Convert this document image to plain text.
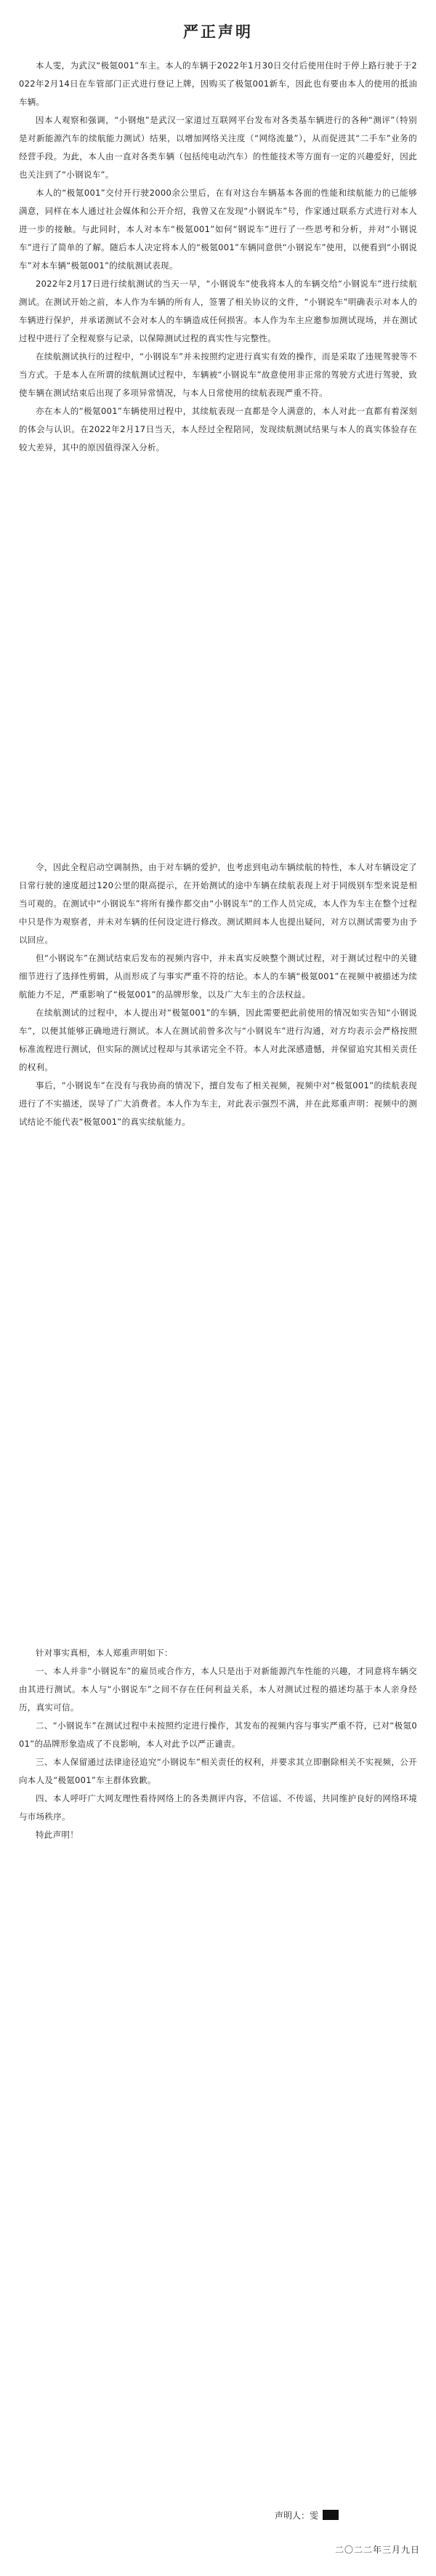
严正声明

本人雯，为武汉“极氪001”车主。本人的车辆于2022年1月30日交付后使用住时于停上路行驶于于2022年2月14日在车管部门正式进行登记上牌，因购买了极氪001新车，因此也有要由本人的使用的抵油车辆。

因本人观察和强调，“小钢炮”是武汉一家道过互联网平台发布对各类基车辆进行的各种“测评”（特别是对新能源汽车的续航能力测试）结果，以增加网络关注度（“网络流量”），从而促进其“二手车”业务的经营手段。为此，本人由一直对各类车辆（包括纯电动汽车）的性能技术等方面有一定的兴趣爱好，因此也关注到了“小钢说车”。

本人的“极氪001”交付开行驶2000余公里后，在有对这台车辆基本各面的性能和续航能力的已能够满意，同样在本人通过社会媒体和公开介绍，我曾又在发现“小钢说车”号，作家通过联系方式进行对本人进一步的接触。与此同时，本人对本车“极氪001”如何“钢说车”进行了一些思考和分析，并对“小钢说车”进行了简单的了解。随后本人决定将本人的“极氪001”车辆同意供“小钢说车”使用，以便看到“小钢说车”对本车辆“极氪001”的续航测试表现。

2022年2月17日进行续航测试的当天一早，“小钢说车”使我将本人的车辆交给“小钢说车”进行续航测试。在测试开始之前，本人作为车辆的所有人，签署了相关协议的文件，“小钢说车”明确表示对本人的车辆进行保护，并承诺测试不会对本人的车辆造成任何损害。本人作为车主应邀参加测试现场，并在测试过程中进行了全程观察与记录，以保障测试过程的真实性与完整性。

在续航测试执行的过程中，“小钢说车”并未按照约定进行真实有效的操作，而是采取了违规驾驶等不当方式。于是本人在所谓的续航测试过程中，车辆被“小钢说车”故意使用非正常的驾驶方式进行驾驶，致使车辆在测试结束后出现了多项异常情况，与本人日常使用的续航表现严重不符。

亦在本人的“极氪001”车辆使用过程中，其续航表现一直都是令人满意的，本人对此一直都有着深刻的体会与认识。在2022年2月17日当天，本人经过全程陪同，发现续航测试结果与本人的真实体验存在较大差异，其中的原因值得深入分析。

令，因此全程启动空调制热，由于对车辆的爱护，也考虑到电动车辆续航的特性，本人对车辆设定了日常行驶的速度超过120公里的限高提示，在开始测试的途中车辆在续航表现上对于同级别车型来说是相当可观的。在测试中“小钢说车”将所有操作都交由“小钢说车”的工作人员完成，本人作为车主在整个过程中只是作为观察者，并未对车辆的任何设定进行修改。测试期间本人也提出疑问，对方以测试需要为由予以回应。

但“小钢说车”在测试结束后发布的视频内容中，并未真实反映整个测试过程，对于测试过程中的关键细节进行了选择性剪辑，从而形成了与事实严重不符的结论。本人的车辆“极氪001”在视频中被描述为续航能力不足，严重影响了“极氪001”的品牌形象，以及广大车主的合法权益。

在续航测试的过程中，本人提出对“极氪001”的车辆，因此需要把此前使用的情况如实告知“小钢说车”，以便其能够正确地进行测试。本人在测试前曾多次与“小钢说车”进行沟通，对方均表示会严格按照标准流程进行测试，但实际的测试过程却与其承诺完全不符。本人对此深感遗憾，并保留追究其相关责任的权利。

事后，“小钢说车”在没有与我协商的情况下，擅自发布了相关视频，视频中对“极氪001”的续航表现进行了不实描述，误导了广大消费者。本人作为车主，对此表示强烈不满，并在此郑重声明：视频中的测试结论不能代表“极氪001”的真实续航能力。

针对事实真相，本人郑重声明如下：

一、本人并非“小钢说车”的雇员或合作方，本人只是出于对新能源汽车性能的兴趣，才同意将车辆交由其进行测试。本人与“小钢说车”之间不存在任何利益关系，本人对测试过程的描述均基于本人亲身经历，真实可信。

二、“小钢说车”在测试过程中未按照约定进行操作，其发布的视频内容与事实严重不符，已对“极氪001”的品牌形象造成了不良影响，本人对此予以严正谴责。

三、本人保留通过法律途径追究“小钢说车”相关责任的权利，并要求其立即删除相关不实视频，公开向本人及“极氪001”车主群体致歉。

四、本人呼吁广大网友理性看待网络上的各类测评内容，不信谣、不传谣，共同维护良好的网络环境与市场秩序。

特此声明！

声明人： 雯
二〇二二年三月九日
